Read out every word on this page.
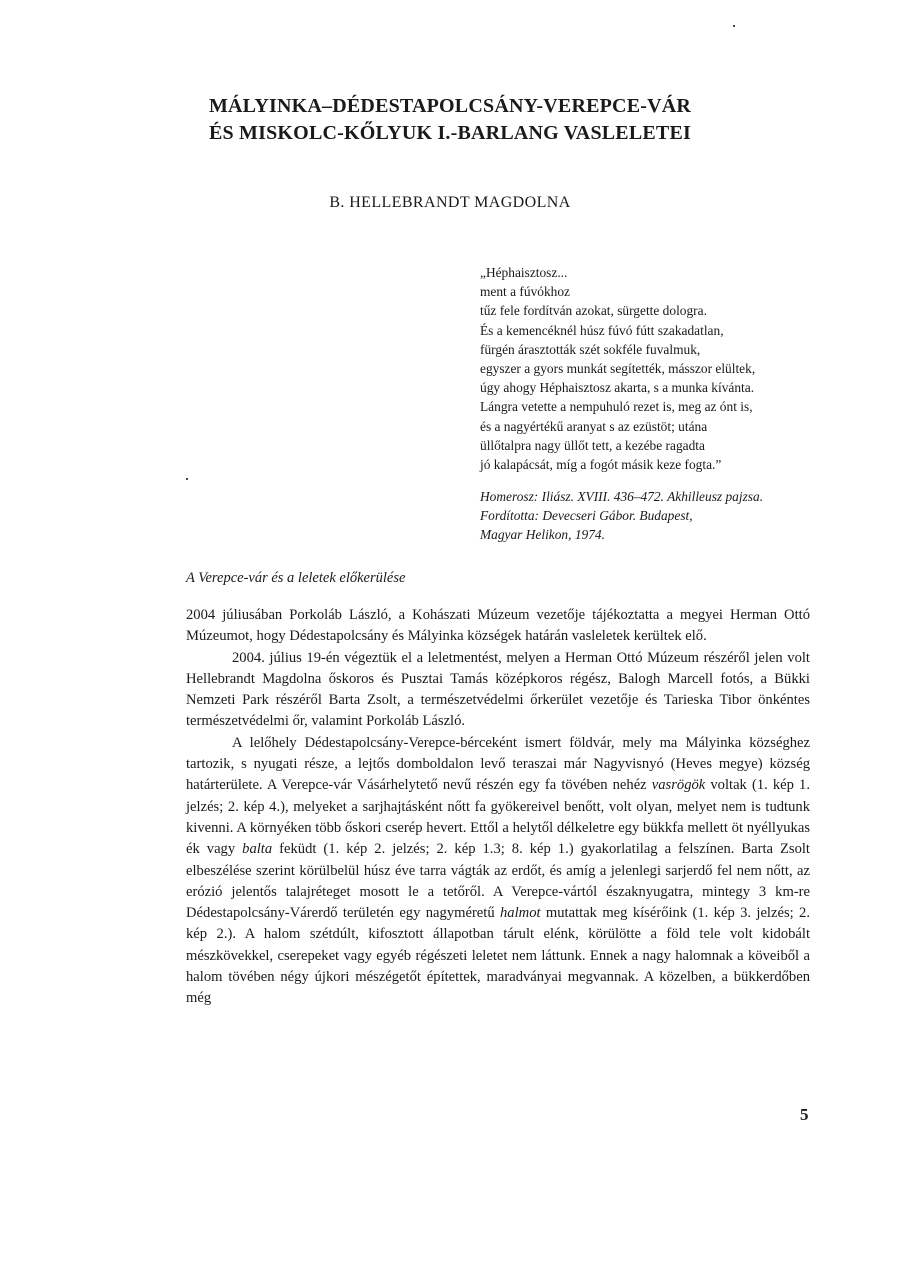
MÁLYINKA–DÉDESTAPOLCSÁNY-VEREPCE-VÁR
ÉS MISKOLC-KŐLYUK I.-BARLANG VASLELETEI
B. HELLEBRANDT MAGDOLNA
„Héphaisztosz...
ment a fúvókhoz
tűz fele fordítván azokat, sürgette dologra.
És a kemencéknél húsz fúvó fútt szakadatlan,
fürgén árasztották szét sokféle fuvalmuk,
egyszer a gyors munkát segítették, másszor elültek,
úgy ahogy Héphaisztosz akarta, s a munka kívánta.
Lángra vetette a nempuhuló rezet is, meg az ónt is,
és a nagyértékű aranyat s az ezüstöt; utána
üllőtalpra nagy üllőt tett, a kezébe ragadta
jó kalapácsát, míg a fogót másik keze fogta.”
Homerosz: Iliász. XVIII. 436–472. Akhilleusz pajzsa.
Fordította: Devecseri Gábor. Budapest,
Magyar Helikon, 1974.
A Verepce-vár és a leletek előkerülése

2004 júliusában Porkoláb László, a Kohászati Múzeum vezetője tájékoztatta a megyei Herman Ottó Múzeumot, hogy Dédestapolcsány és Mályinka községek határán vasleletek kerültek elő.

2004. július 19-én végeztük el a leletmentést, melyen a Herman Ottó Múzeum részéről jelen volt Hellebrandt Magdolna őskoros és Pusztai Tamás középkoros régész, Balogh Marcell fotós, a Bükki Nemzeti Park részéről Barta Zsolt, a természetvédelmi őrkerület vezetője és Tarieska Tibor önkéntes természetvédelmi őr, valamint Porkoláb László.

A lelőhely Dédestapolcsány-Verepce-bérceként ismert földvár, mely ma Mályinka községhez tartozik, s nyugati része, a lejtős domboldalon levő teraszai már Nagyvisnyó (Heves megye) község határterülete. A Verepce-vár Vásárhelytető nevű részén egy fa tövében nehéz vasrögök voltak (1. kép 1. jelzés; 2. kép 4.), melyeket a sarjhajtásként nőtt fa gyökereivel benőtt, volt olyan, melyet nem is tudtunk kivenni. A környéken több őskori cserép hevert. Ettől a helytől délkeletre egy bükkfa mellett öt nyéllyukas ék vagy balta feküdt (1. kép 2. jelzés; 2. kép 1.3; 8. kép 1.) gyakorlatilag a felszínen. Barta Zsolt elbeszélése szerint körülbelül húsz éve tarra vágták az erdőt, és amíg a jelenlegi sarjerdő fel nem nőtt, az erózió jelentős talajréteget mosott le a tetőről. A Verepce-vártól északnyugatra, mintegy 3 km-re Dédestapolcsány-Várerdő területén egy nagyméretű halmot mutattak meg kísérőink (1. kép 3. jelzés; 2. kép 2.). A halom szétdúlt, kifosztott állapotban tárult elénk, körülötte a föld tele volt kidobált mészkövekkel, cserepeket vagy egyéb régészeti leletet nem láttunk. Ennek a nagy halomnak a köveiből a halom tövében négy újkori mészégetőt építettek, maradványai megvannak. A közelben, a bükkerdőben még

5
